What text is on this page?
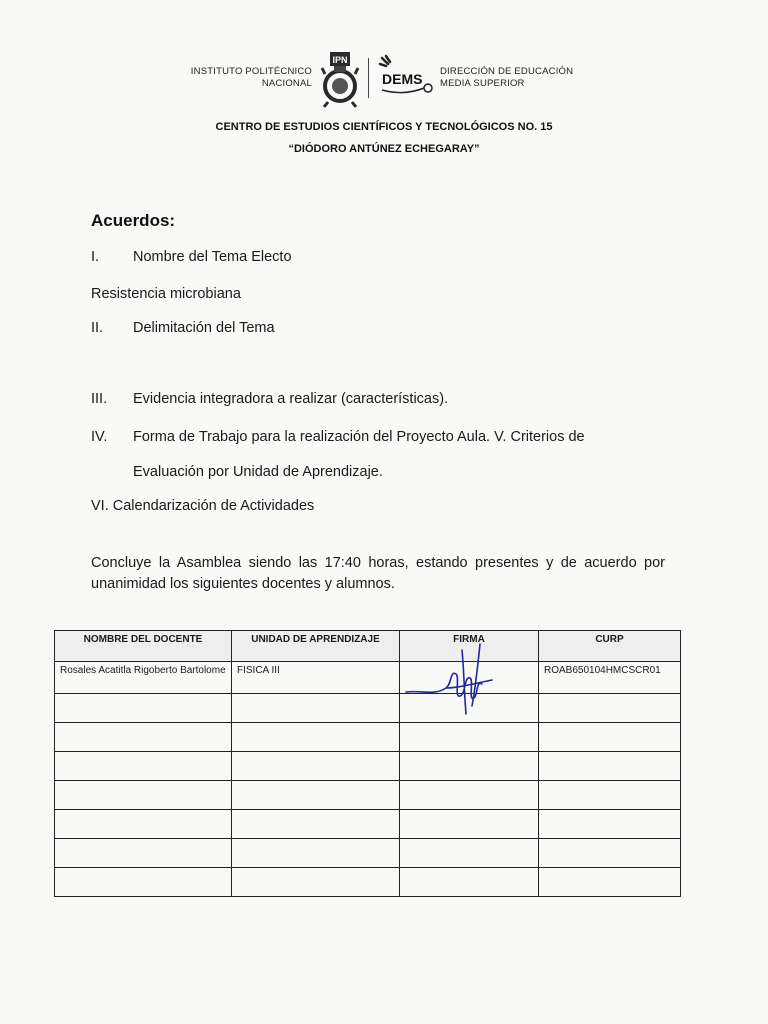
INSTITUTO POLITÉCNICO
NACIONAL
IPN
DEMS DIRECCIÓN DE EDUCACIÓN
MEDIA SUPERIOR
CENTRO DE ESTUDIOS CIENTÍFICOS Y TECNOLÓGICOS NO. 15
“DIÓDORO ANTÚNEZ ECHEGARAY”
Acuerdos:
I. Nombre del Tema Electo
Resistencia microbiana
II. Delimitación del Tema
III. Evidencia integradora a realizar (características).
IV. Forma de Trabajo para la realización del Proyecto Aula. V. Criterios de
Evaluación por Unidad de Aprendizaje.
VI. Calendarización de Actividades
Concluye la Asamblea siendo las 17:40 horas, estando presentes y de acuerdo por unanimidad los siguientes docentes y alumnos.
NOMBRE DEL DOCENTE	UNIDAD DE APRENDIZAJE	FIRMA	CURP
Rosales Acatitla Rigoberto Bartolome	FISICA III		ROAB650104HMCSCR01
